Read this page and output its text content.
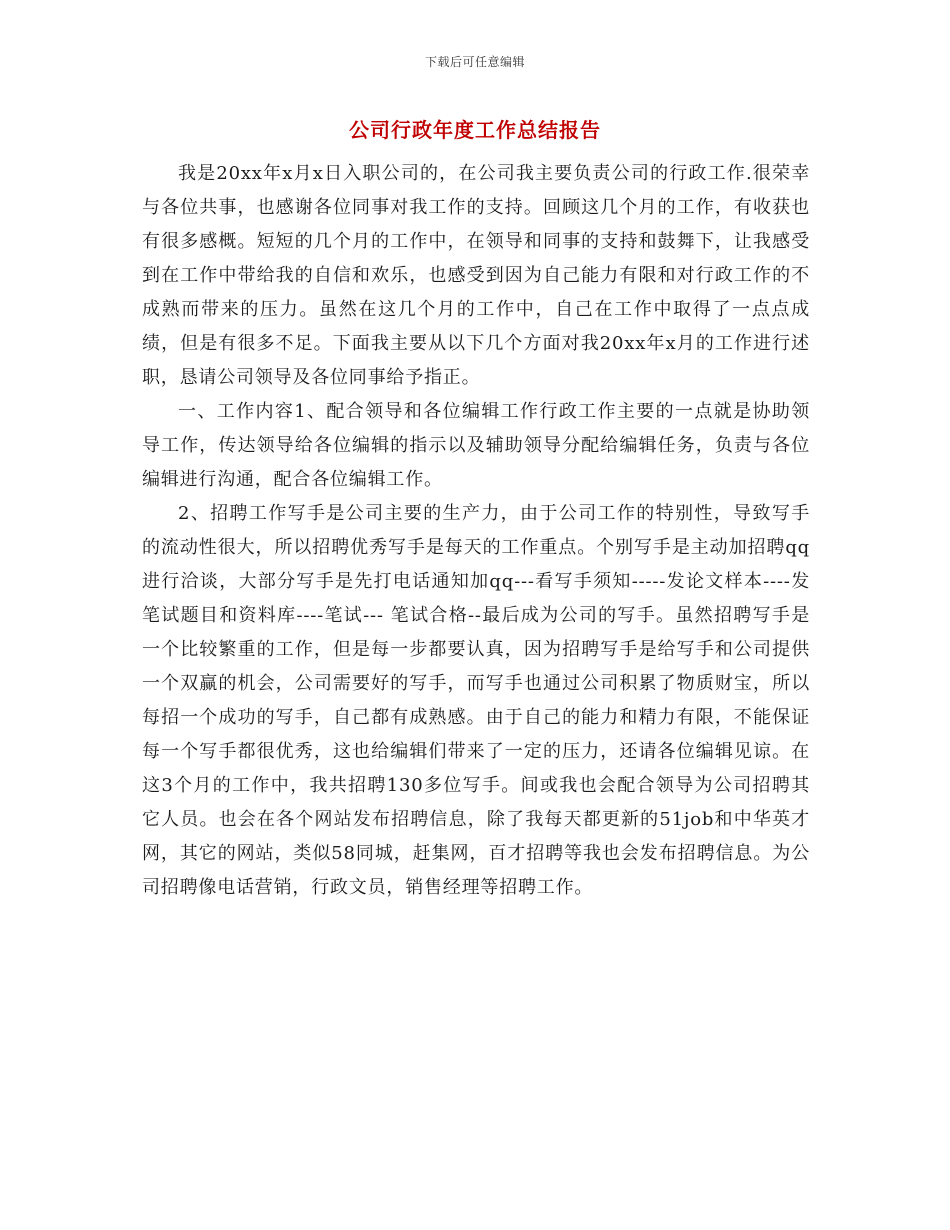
下载后可任意编辑
公司行政年度工作总结报告

我是20xx年x月x日入职公司的，在公司我主要负责公司的行政工作.很荣幸与各位共事，也感谢各位同事对我工作的支持。回顾这几个月的工作，有收获也有很多感概。短短的几个月的工作中，在领导和同事的支持和鼓舞下，让我感受到在工作中带给我的自信和欢乐，也感受到因为自己能力有限和对行政工作的不成熟而带来的压力。虽然在这几个月的工作中，自己在工作中取得了一点点成绩，但是有很多不足。下面我主要从以下几个方面对我20xx年x月的工作进行述职，恳请公司领导及各位同事给予指正。

一、工作内容1、配合领导和各位编辑工作行政工作主要的一点就是协助领导工作，传达领导给各位编辑的指示以及辅助领导分配给编辑任务，负责与各位编辑进行沟通，配合各位编辑工作。

2、招聘工作写手是公司主要的生产力，由于公司工作的特别性，导致写手的流动性很大，所以招聘优秀写手是每天的工作重点。个别写手是主动加招聘qq进行洽谈，大部分写手是先打电话通知加qq---看写手须知-----发论文样本----发笔试题目和资料库----笔试--- 笔试合格--最后成为公司的写手。虽然招聘写手是一个比较繁重的工作，但是每一步都要认真，因为招聘写手是给写手和公司提供一个双赢的机会，公司需要好的写手，而写手也通过公司积累了物质财宝，所以每招一个成功的写手，自己都有成熟感。由于自己的能力和精力有限，不能保证每一个写手都很优秀，这也给编辑们带来了一定的压力，还请各位编辑见谅。在这3个月的工作中，我共招聘130多位写手。间或我也会配合领导为公司招聘其它人员。也会在各个网站发布招聘信息，除了我每天都更新的51job和中华英才网，其它的网站，类似58同城，赶集网，百才招聘等我也会发布招聘信息。为公司招聘像电话营销，行政文员，销售经理等招聘工作。
